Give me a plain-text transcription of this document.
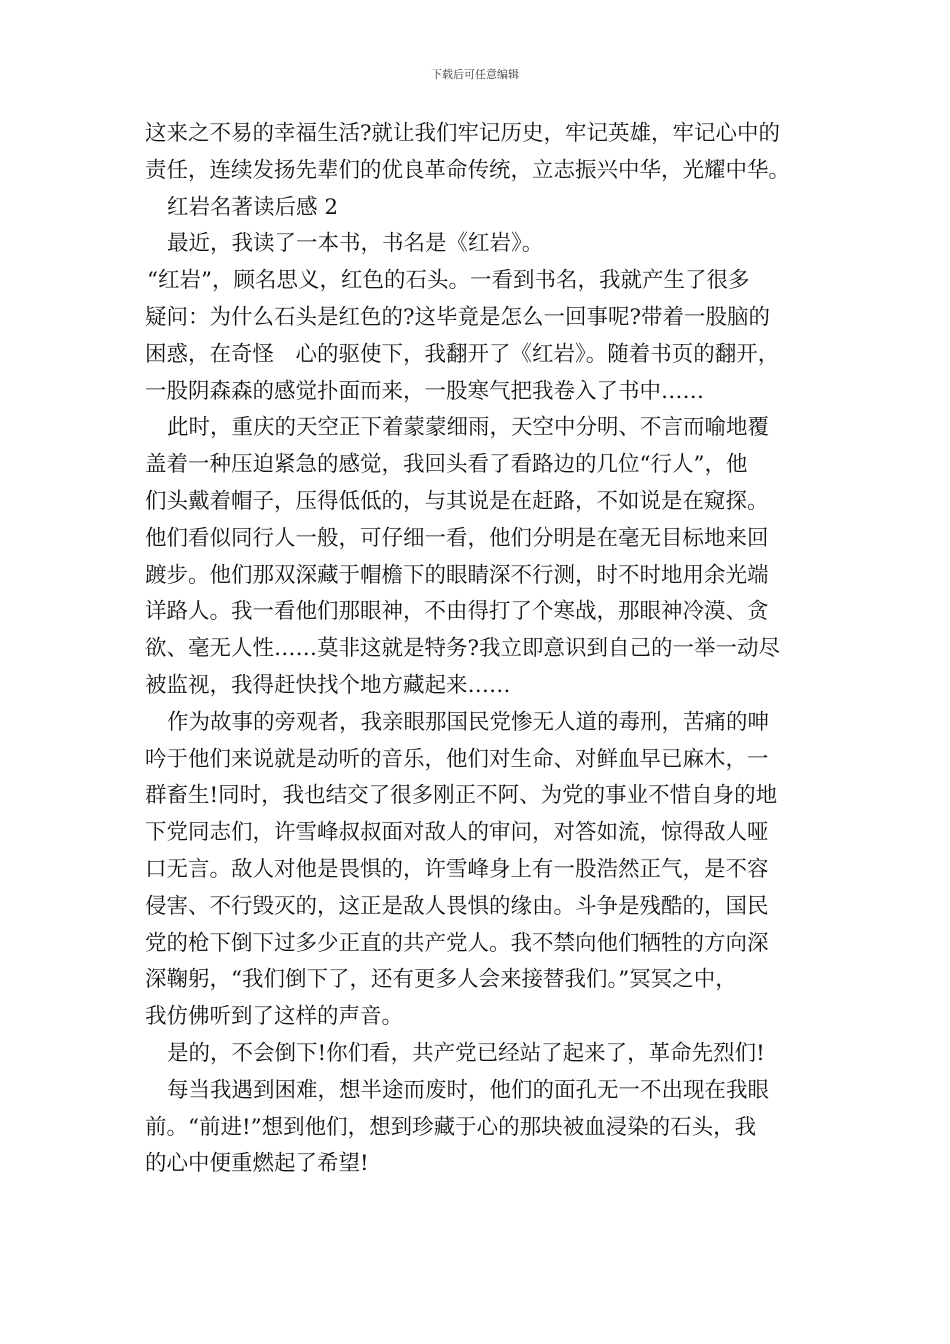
下载后可任意编辑
这来之不易的幸福生活?就让我们牢记历史，牢记英雄，牢记心中的
责任，连续发扬先辈们的优良革命传统，立志振兴中华，光耀中华。
红岩名著读后感 2
最近，我读了一本书，书名是《红岩》。
“红岩”，顾名思义，红色的石头。一看到书名，我就产生了很多
疑问：为什么石头是红色的?这毕竟是怎么一回事呢?带着一股脑的
困惑，在奇怪　心的驱使下，我翻开了《红岩》。随着书页的翻开，
一股阴森森的感觉扑面而来，一股寒气把我卷入了书中……
此时，重庆的天空正下着蒙蒙细雨，天空中分明、不言而喻地覆
盖着一种压迫紧急的感觉，我回头看了看路边的几位“行人”，他
们头戴着帽子，压得低低的，与其说是在赶路，不如说是在窥探。
他们看似同行人一般，可仔细一看，他们分明是在毫无目标地来回
踱步。他们那双深藏于帽檐下的眼睛深不行测，时不时地用余光端
详路人。我一看他们那眼神，不由得打了个寒战，那眼神冷漠、贪
欲、毫无人性……莫非这就是特务?我立即意识到自己的一举一动尽
被监视，我得赶快找个地方藏起来……
作为故事的旁观者，我亲眼那国民党惨无人道的毒刑，苦痛的呻
吟于他们来说就是动听的音乐，他们对生命、对鲜血早已麻木，一
群畜生!同时，我也结交了很多刚正不阿、为党的事业不惜自身的地
下党同志们，许雪峰叔叔面对敌人的审问，对答如流，惊得敌人哑
口无言。敌人对他是畏惧的，许雪峰身上有一股浩然正气，是不容
侵害、不行毁灭的，这正是敌人畏惧的缘由。斗争是残酷的，国民
党的枪下倒下过多少正直的共产党人。我不禁向他们牺牲的方向深
深鞠躬，“我们倒下了，还有更多人会来接替我们。”冥冥之中，
我仿佛听到了这样的声音。
是的，不会倒下!你们看，共产党已经站了起来了，革命先烈们!
每当我遇到困难，想半途而废时，他们的面孔无一不出现在我眼
前。“前进!”想到他们，想到珍藏于心的那块被血浸染的石头，我
的心中便重燃起了希望!
